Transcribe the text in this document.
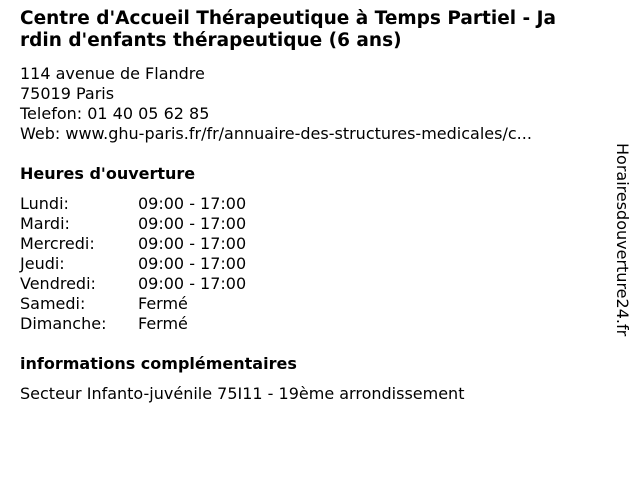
Centre d'Accueil Thérapeutique à Temps Partiel - Ja
rdin d'enfants thérapeutique (6 ans)
114 avenue de Flandre
75019 Paris
Telefon: 01 40 05 62 85
Web: www.ghu-paris.fr/fr/annuaire-des-structures-medicales/c...
Heures d'ouverture
Lundi:	09:00 - 17:00
Mardi:	09:00 - 17:00
Mercredi:	09:00 - 17:00
Jeudi:	09:00 - 17:00
Vendredi:	09:00 - 17:00
Samedi:	Fermé
Dimanche:	Fermé
informations complémentaires
Secteur Infanto-juvénile 75I11 - 19ème arrondissement
Horairesdouverture24.fr
